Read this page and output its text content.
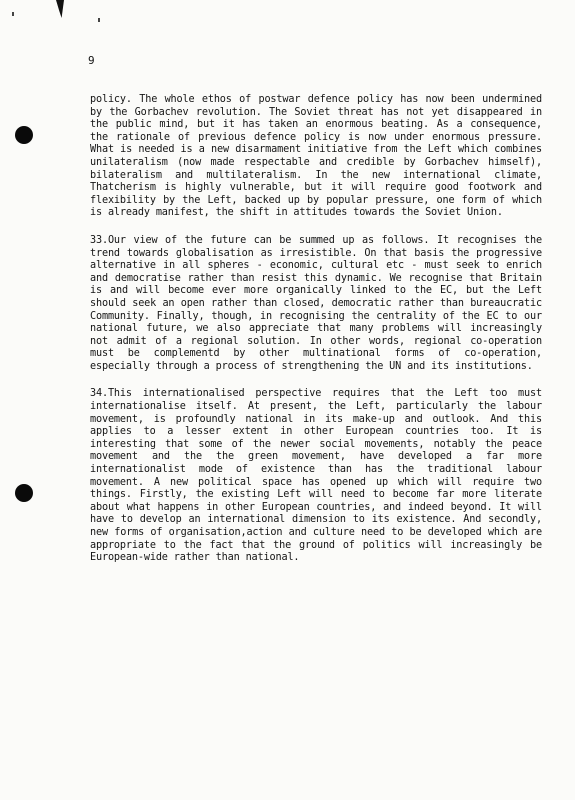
9

policy. The whole ethos of postwar defence policy has now been undermined by the Gorbachev revolution. The Soviet threat has not yet disappeared in the public mind, but it has taken an enormous beating. As a consequence, the rationale of previous defence policy is now under enormous pressure. What is needed is a new disarmament initiative from the Left which combines unilateralism (now made respectable and credible by Gorbachev himself), bilateralism and multilateralism. In the new international climate, Thatcherism is highly vulnerable, but it will require good footwork and flexibility by the Left, backed up by popular pressure, one form of which is already manifest, the shift in attitudes towards the Soviet Union.

33.Our view of the future can be summed up as follows. It recognises the trend towards globalisation as irresistible. On that basis the progressive alternative in all spheres - economic, cultural etc - must seek to enrich and democratise rather than resist this dynamic. We recognise that Britain is and will become ever more organically linked to the EC, but the Left should seek an open rather than closed, democratic rather than bureaucratic Community. Finally, though, in recognising the centrality of the EC to our national future, we also appreciate that many problems will increasingly not admit of a regional solution. In other words, regional co-operation must be complementd by other multinational forms of co-operation, especially through a process of strengthening the UN and its institutions.

34.This internationalised perspective requires that the Left too must internationalise itself. At present, the Left, particularly the labour movement, is profoundly national in its make-up and outlook. And this applies to a lesser extent in other European countries too. It is interesting that some of the newer social movements, notably the peace movement and the the green movement, have developed a far more internationalist mode of existence than has the traditional labour movement. A new political space has opened up which will require two things. Firstly, the existing Left will need to become far more literate about what happens in other European countries, and indeed beyond. It will have to develop an international dimension to its existence. And secondly, new forms of organisation,action and culture need to be developed which are appropriate to the fact that the ground of politics will increasingly be European-wide rather than national.
